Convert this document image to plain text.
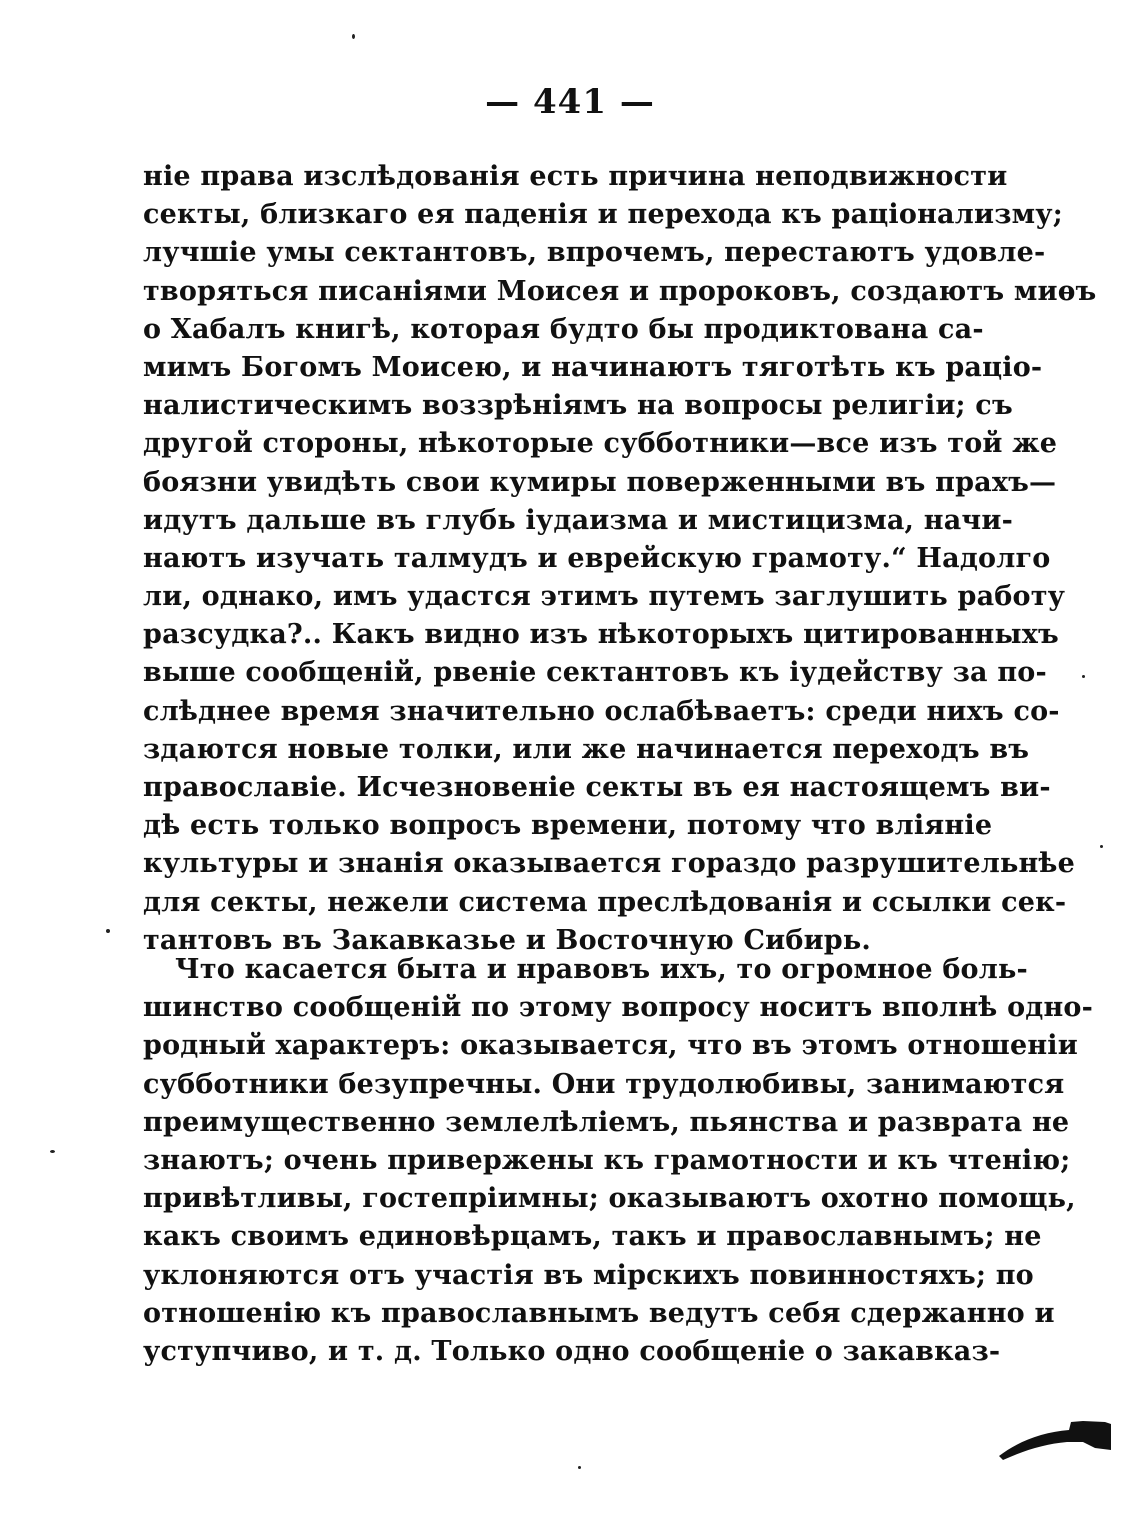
— 441 —
ніе права изслѣдованія есть причина неподвижности
секты, близкаго ея паденія и перехода къ раціонализму;
лучшіе умы сектантовъ, впрочемъ, перестаютъ удовле-
творяться писаніями Моисея и пророковъ, создаютъ миѳъ
о Хабалъ книгѣ, которая будто бы продиктована са-
мимъ Богомъ Моисею, и начинаютъ тяготѣть къ раціо-
налистическимъ воззрѣніямъ на вопросы религіи; съ
другой стороны, нѣкоторые субботники—все изъ той же
боязни увидѣть свои кумиры поверженными въ прахъ—
идутъ дальше въ глубь іудаизма и мистицизма, начи-
наютъ изучать талмудъ и еврейскую грамоту.“ Надолго
ли, однако, имъ удастся этимъ путемъ заглушить работу
разсудка?.. Какъ видно изъ нѣкоторыхъ цитированныхъ
выше сообщеній, рвеніе сектантовъ къ іудейству за по-
слѣднее время значительно ослабѣваетъ: среди нихъ со-
здаются новые толки, или же начинается переходъ въ
православіе. Исчезновеніе секты въ ея настоящемъ ви-
дѣ есть только вопросъ времени, потому что вліяніе
культуры и знанія оказывается гораздо разрушительнѣе
для секты, нежели система преслѣдованія и ссылки сек-
тантовъ въ Закавказье и Восточную Сибирь.
Что касается быта и нравовъ ихъ, то огромное боль-
шинство сообщеній по этому вопросу носитъ вполнѣ одно-
родный характеръ: оказывается, что въ этомъ отношеніи
субботники безупречны. Они трудолюбивы, занимаются
преимущественно землелѣліемъ, пьянства и разврата не
знаютъ; очень привержены къ грамотности и къ чтенію;
привѣтливы, гостепріимны; оказываютъ охотно помощь,
какъ своимъ единовѣрцамъ, такъ и православнымъ; не
уклоняются отъ участія въ мірскихъ повинностяхъ; по
отношенію къ православнымъ ведутъ себя сдержанно и
уступчиво, и т. д. Только одно сообщеніе о закавказ-
